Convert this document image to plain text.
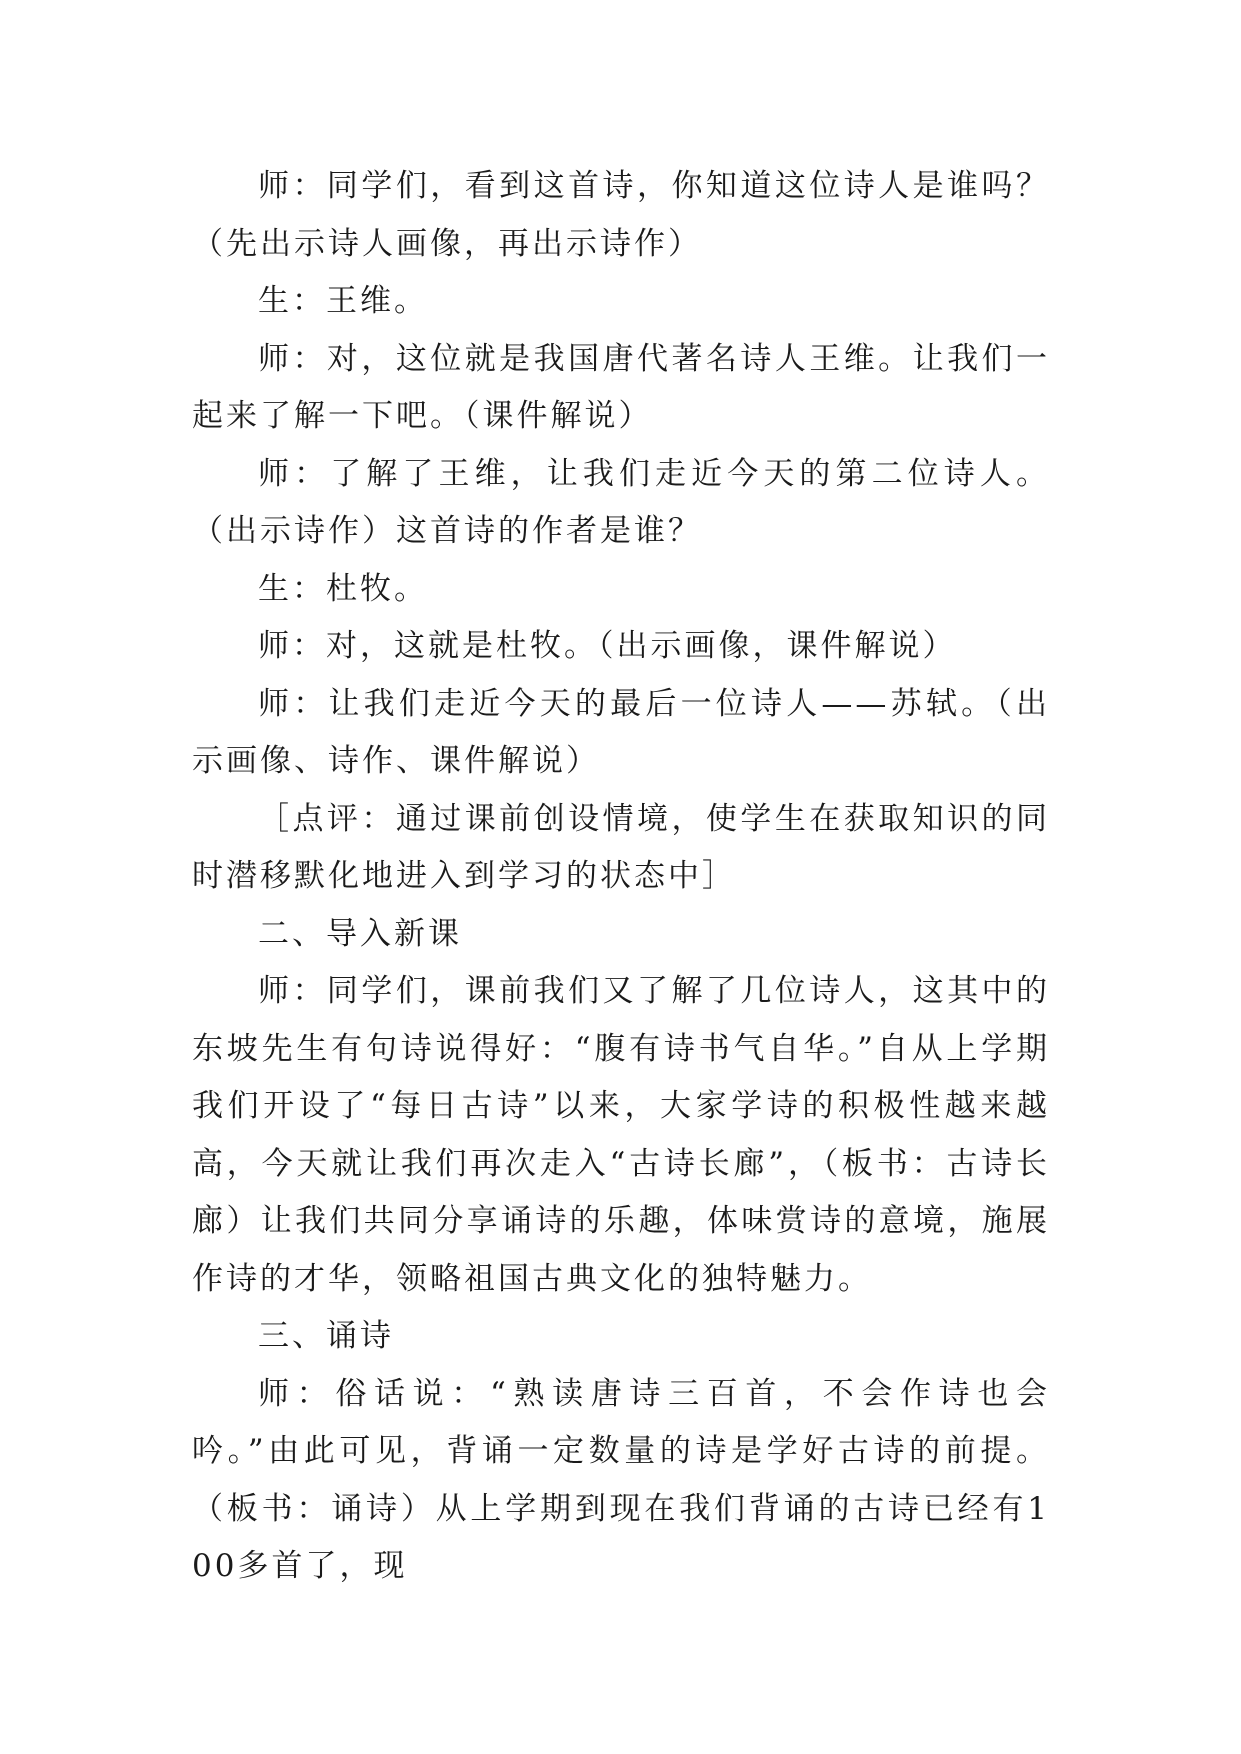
师：同学们，看到这首诗，你知道这位诗人是谁吗？（先出示诗人画像，再出示诗作）

生：王维。

师：对，这位就是我国唐代著名诗人王维。让我们一起来了解一下吧。（课件解说）

师：了解了王维，让我们走近今天的第二位诗人。（出示诗作）这首诗的作者是谁？

生：杜牧。

师：对，这就是杜牧。（出示画像，课件解说）

师：让我们走近今天的最后一位诗人——苏轼。（出示画像、诗作、课件解说）

［点评：通过课前创设情境，使学生在获取知识的同时潜移默化地进入到学习的状态中］

二、导入新课

师：同学们，课前我们又了解了几位诗人，这其中的东坡先生有句诗说得好：“腹有诗书气自华。”自从上学期我们开设了“每日古诗”以来，大家学诗的积极性越来越高，今天就让我们再次走入“古诗长廊”，（板书：古诗长廊）让我们共同分享诵诗的乐趣，体味赏诗的意境，施展作诗的才华，领略祖国古典文化的独特魅力。

三、诵诗

师：俗话说：“熟读唐诗三百首，不会作诗也会吟。”由此可见，背诵一定数量的诗是学好古诗的前提。（板书：诵诗）从上学期到现在我们背诵的古诗已经有100多首了，现
